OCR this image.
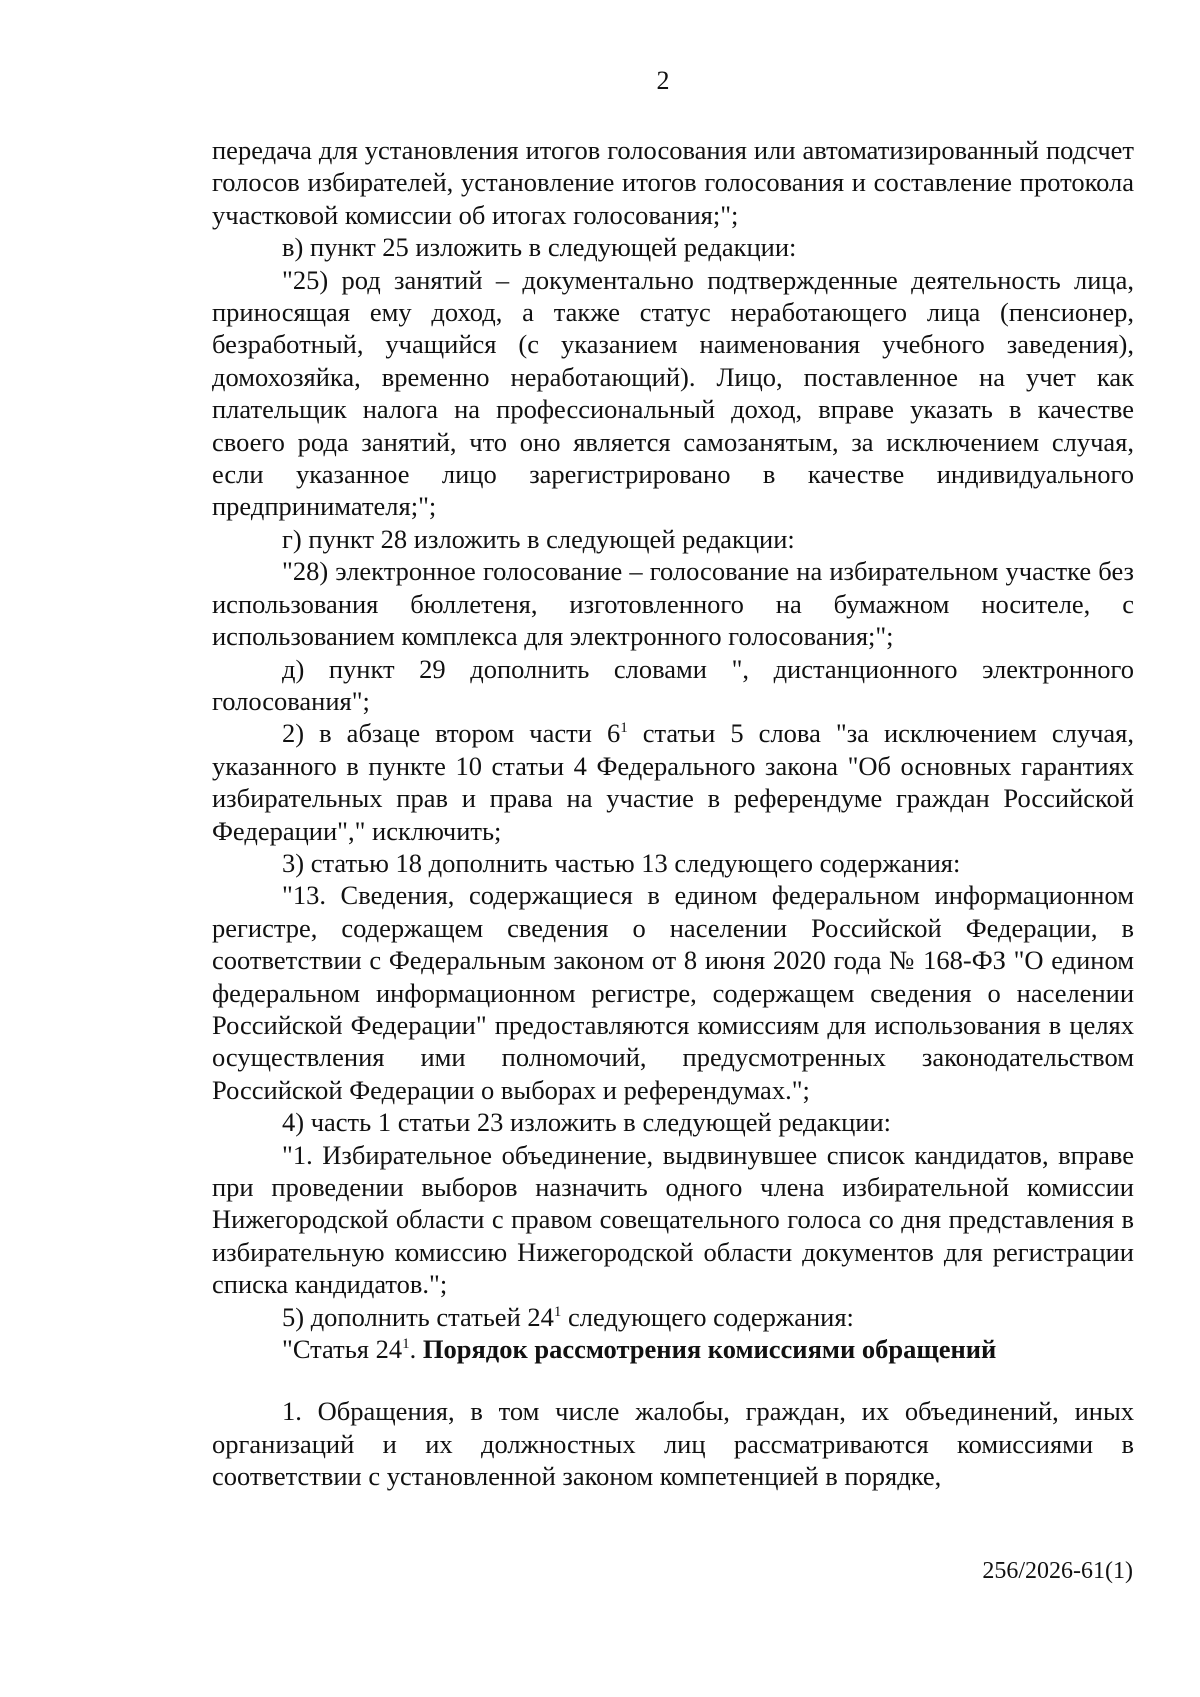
2

передача для установления итогов голосования или автоматизированный подсчет голосов избирателей, установление итогов голосования и составление протокола участковой комиссии об итогах голосования;";

в) пункт 25 изложить в следующей редакции:

"25) род занятий – документально подтвержденные деятельность лица, приносящая ему доход, а также статус неработающего лица (пенсионер, безработный, учащийся (с указанием наименования учебного заведения), домохозяйка, временно неработающий). Лицо, поставленное на учет как плательщик налога на профессиональный доход, вправе указать в качестве своего рода занятий, что оно является самозанятым, за исключением случая, если указанное лицо зарегистрировано в качестве индивидуального предпринимателя;";

г) пункт 28 изложить в следующей редакции:

"28) электронное голосование – голосование на избирательном участке без использования бюллетеня, изготовленного на бумажном носителе, с использованием комплекса для электронного голосования;";

д) пункт 29 дополнить словами ", дистанционного электронного голосования";

2) в абзаце втором части $6^1$ статьи 5 слова "за исключением случая, указанного в пункте 10 статьи 4 Федерального закона "Об основных гарантиях избирательных прав и права на участие в референдуме граждан Российской Федерации"," исключить;

3) статью 18 дополнить частью 13 следующего содержания:

"13. Сведения, содержащиеся в едином федеральном информационном регистре, содержащем сведения о населении Российской Федерации, в соответствии с Федеральным законом от 8 июня 2020 года № 168-ФЗ "О едином федеральном информационном регистре, содержащем сведения о населении Российской Федерации" предоставляются комиссиям для использования в целях осуществления ими полномочий, предусмотренных законодательством Российской Федерации о выборах и референдумах.";

4) часть 1 статьи 23 изложить в следующей редакции:

"1. Избирательное объединение, выдвинувшее список кандидатов, вправе при проведении выборов назначить одного члена избирательной комиссии Нижегородской области с правом совещательного голоса со дня представления в избирательную комиссию Нижегородской области документов для регистрации списка кандидатов.";

5) дополнить статьей $24^1$ следующего содержания:

"Статья $24^1$. Порядок рассмотрения комиссиями обращений

1. Обращения, в том числе жалобы, граждан, их объединений, иных организаций и их должностных лиц рассматриваются комиссиями в соответствии с установленной законом компетенцией в порядке,

256/2026-61(1)
